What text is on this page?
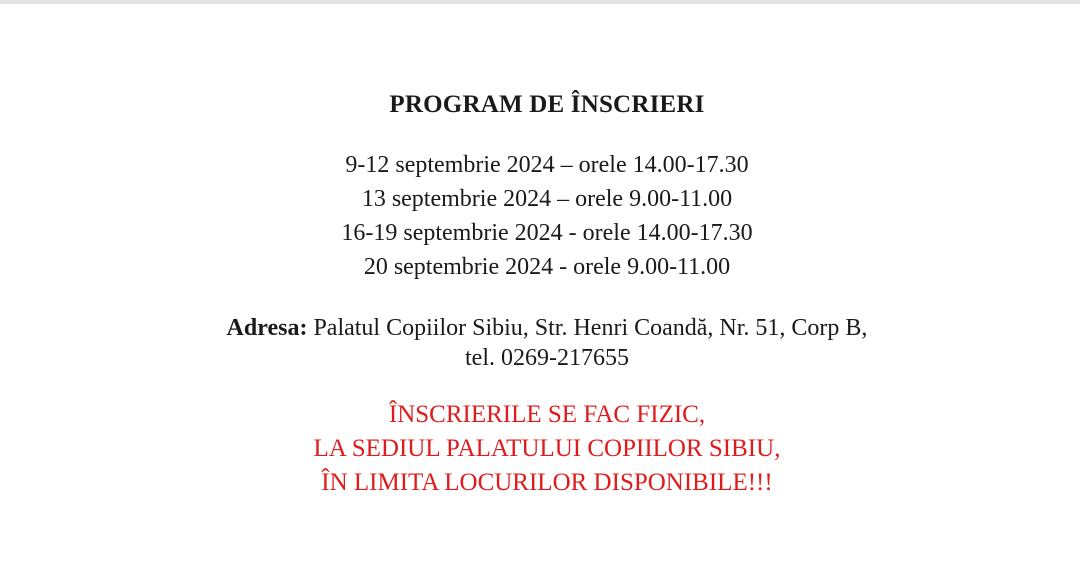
PROGRAM DE ÎNSCRIERI
9-12 septembrie 2024 – orele 14.00-17.30
13 septembrie 2024 – orele 9.00-11.00
16-19 septembrie 2024 - orele 14.00-17.30
20 septembrie 2024 - orele 9.00-11.00
Adresa: Palatul Copiilor Sibiu, Str. Henri Coandă, Nr. 51, Corp B,
tel. 0269-217655
ÎNSCRIERILE SE FAC FIZIC,
LA SEDIUL PALATULUI COPIILOR SIBIU,
ÎN LIMITA LOCURILOR DISPONIBILE!!!
